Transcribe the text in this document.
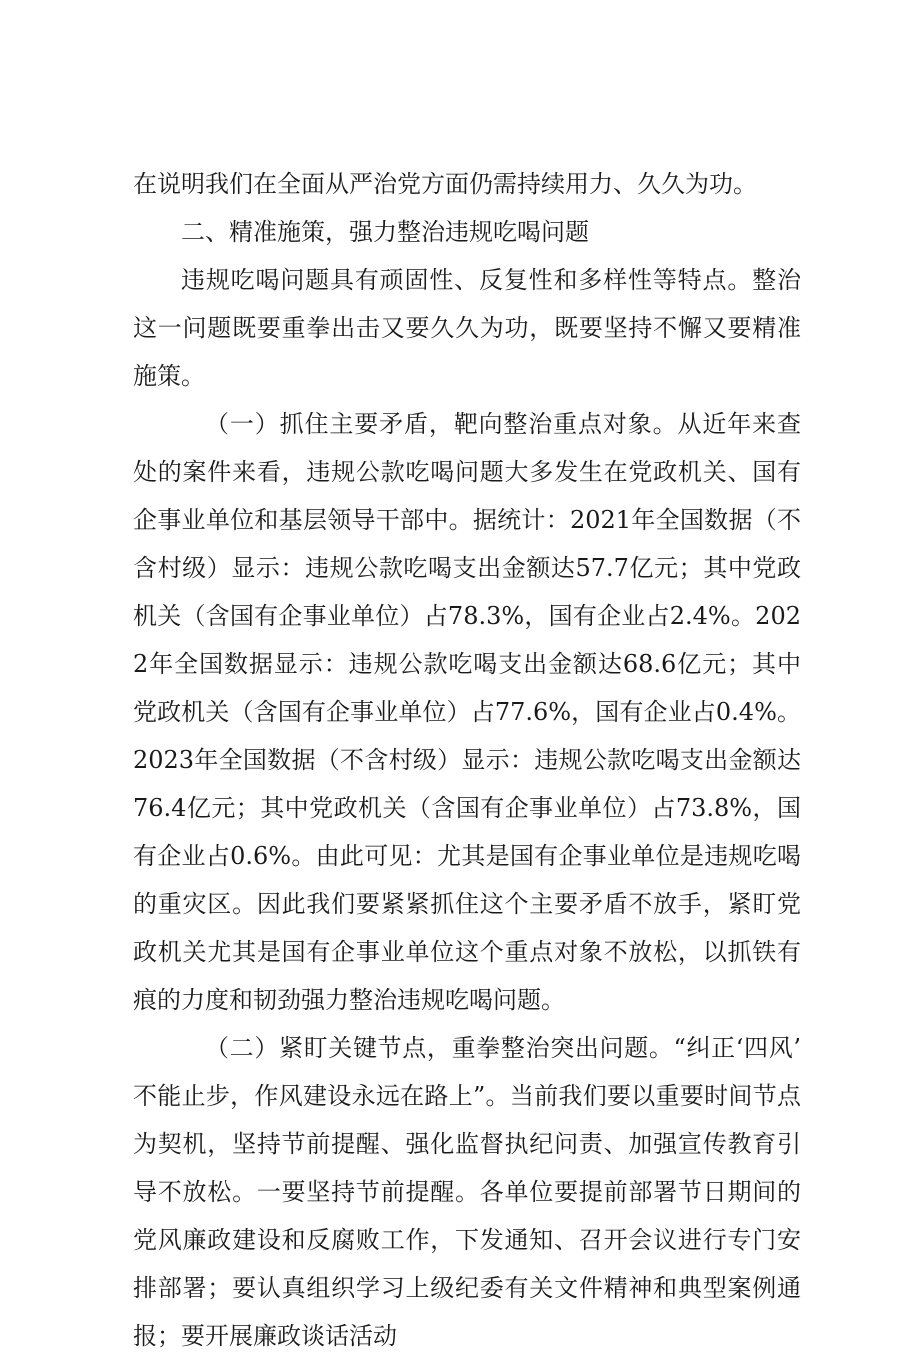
在说明我们在全面从严治党方面仍需持续用力、久久为功。

二、精准施策，强力整治违规吃喝问题

违规吃喝问题具有顽固性、反复性和多样性等特点。整治这一问题既要重拳出击又要久久为功，既要坚持不懈又要精准施策。

（一）抓住主要矛盾，靶向整治重点对象。从近年来查处的案件来看，违规公款吃喝问题大多发生在党政机关、国有企事业单位和基层领导干部中。据统计：2021年全国数据（不含村级）显示：违规公款吃喝支出金额达57.7亿元；其中党政机关（含国有企事业单位）占78.3%，国有企业占2.4%。2022年全国数据显示：违规公款吃喝支出金额达68.6亿元；其中党政机关（含国有企事业单位）占77.6%，国有企业占0.4%。2023年全国数据（不含村级）显示：违规公款吃喝支出金额达76.4亿元；其中党政机关（含国有企事业单位）占73.8%，国有企业占0.6%。由此可见：尤其是国有企事业单位是违规吃喝的重灾区。因此我们要紧紧抓住这个主要矛盾不放手，紧盯党政机关尤其是国有企事业单位这个重点对象不放松，以抓铁有痕的力度和韧劲强力整治违规吃喝问题。

（二）紧盯关键节点，重拳整治突出问题。“纠正‘四风’不能止步，作风建设永远在路上”。当前我们要以重要时间节点为契机，坚持节前提醒、强化监督执纪问责、加强宣传教育引导不放松。一要坚持节前提醒。各单位要提前部署节日期间的党风廉政建设和反腐败工作，下发通知、召开会议进行专门安排部署；要认真组织学习上级纪委有关文件精神和典型案例通报；要开展廉政谈话活动
